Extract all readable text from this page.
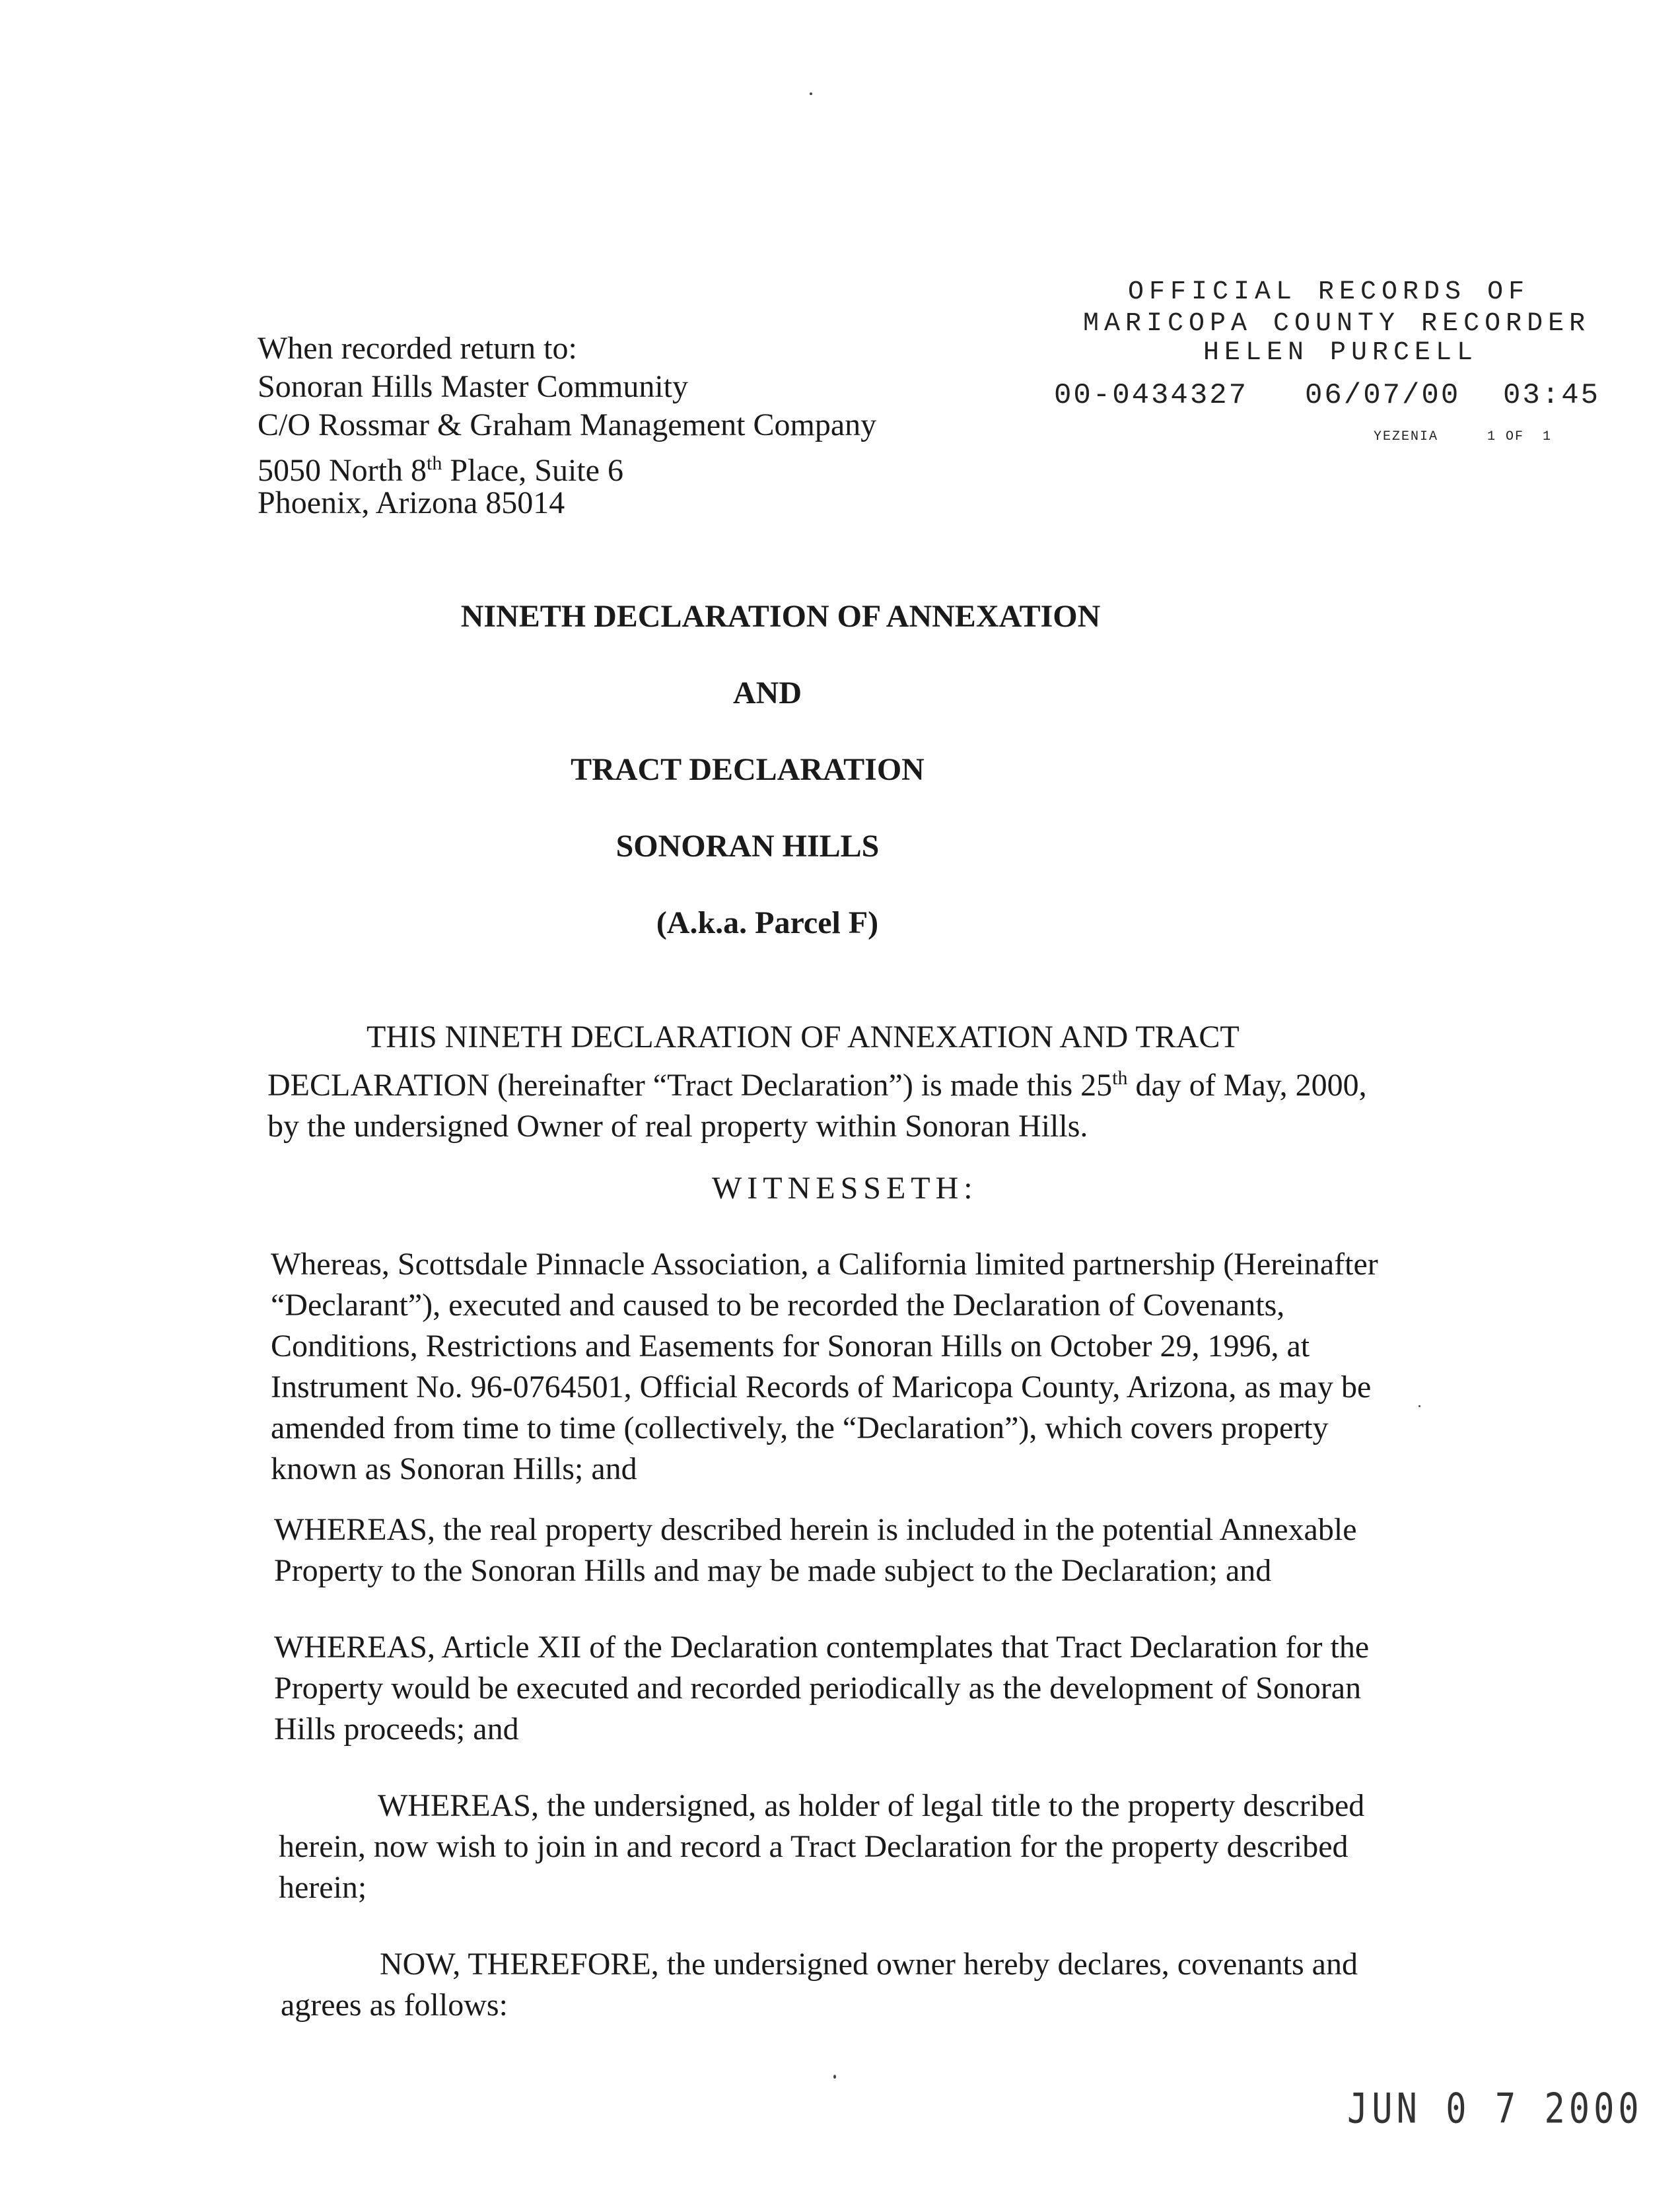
OFFICIAL RECORDS OF
MARICOPA COUNTY RECORDER
HELEN PURCELL
00-0434327 06/07/00 03:45
YEZENIA	1 OF  1
When recorded return to:
Sonoran Hills Master Community
C/O Rossmar & Graham Management Company
5050 North 8th Place, Suite 6
Phoenix, Arizona 85014
NINETH DECLARATION OF ANNEXATION
AND
TRACT DECLARATION
SONORAN HILLS
(A.k.a. Parcel F)
THIS NINETH DECLARATION OF ANNEXATION AND TRACT
DECLARATION (hereinafter “Tract Declaration”) is made this 25th day of May, 2000,
by the undersigned Owner of real property within Sonoran Hills.
WITNESSETH:
Whereas, Scottsdale Pinnacle Association, a California limited partnership (Hereinafter
“Declarant”), executed and caused to be recorded the Declaration of Covenants,
Conditions, Restrictions and Easements for Sonoran Hills on October 29, 1996, at
Instrument No. 96-0764501, Official Records of Maricopa County, Arizona, as may be
amended from time to time (collectively, the “Declaration”), which covers property
known as Sonoran Hills; and
WHEREAS, the real property described herein is included in the potential Annexable
Property to the Sonoran Hills and may be made subject to the Declaration; and
WHEREAS, Article XII of the Declaration contemplates that Tract Declaration for the
Property would be executed and recorded periodically as the development of Sonoran
Hills proceeds; and
WHEREAS, the undersigned, as holder of legal title to the property described
herein, now wish to join in and record a Tract Declaration for the property described
herein;
NOW, THEREFORE, the undersigned owner hereby declares, covenants and
agrees as follows:
JUN 0 7 2000
